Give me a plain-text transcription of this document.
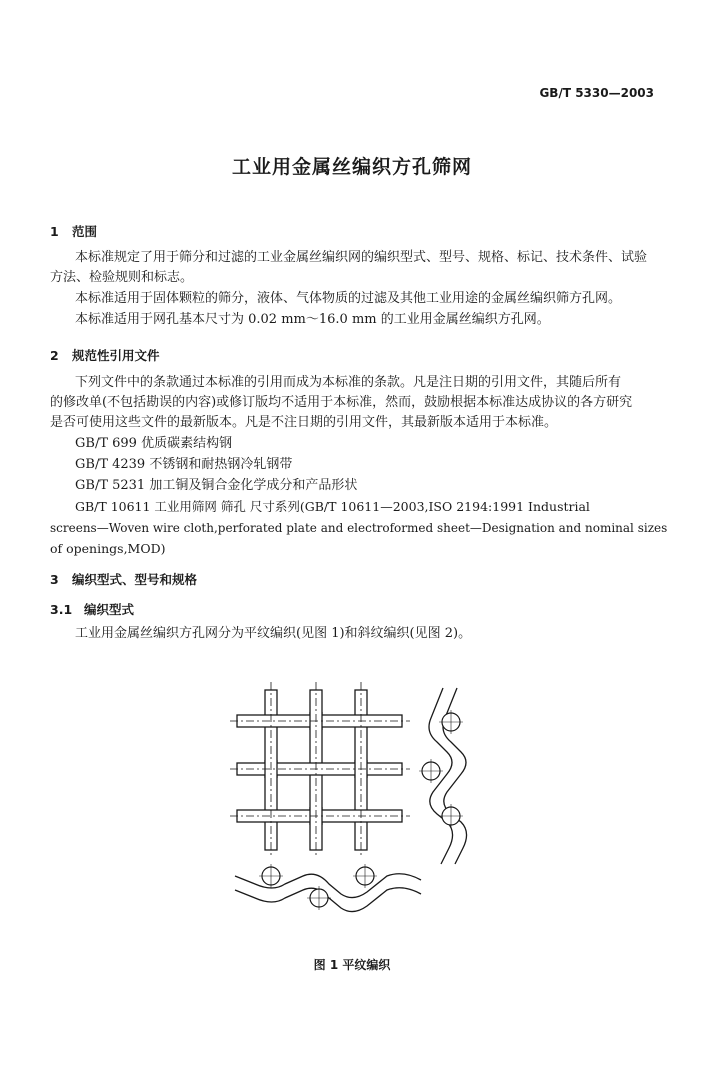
GB/T 5330—2003
工业用金属丝编织方孔筛网
1 范围
本标准规定了用于筛分和过滤的工业金属丝编织网的编织型式、型号、规格、标记、技术条件、试验
方法、检验规则和标志。
本标准适用于固体颗粒的筛分，液体、气体物质的过滤及其他工业用途的金属丝编织筛方孔网。
本标准适用于网孔基本尺寸为 0.02 mm～16.0 mm 的工业用金属丝编织方孔网。
2 规范性引用文件
下列文件中的条款通过本标准的引用而成为本标准的条款。凡是注日期的引用文件，其随后所有
的修改单(不包括勘误的内容)或修订版均不适用于本标准，然而，鼓励根据本标准达成协议的各方研究
是否可使用这些文件的最新版本。凡是不注日期的引用文件，其最新版本适用于本标准。
GB/T 699 优质碳素结构钢
GB/T 4239 不锈钢和耐热钢冷轧钢带
GB/T 5231 加工铜及铜合金化学成分和产品形状
GB/T 10611 工业用筛网 筛孔 尺寸系列(GB/T 10611—2003,ISO 2194:1991 Industrial
screens—Woven wire cloth,perforated plate and electroformed sheet—Designation and nominal sizes
of openings,MOD)
3 编织型式、型号和规格
3.1 编织型式
工业用金属丝编织方孔网分为平纹编织(见图 1)和斜纹编织(见图 2)。
图 1 平纹编织
